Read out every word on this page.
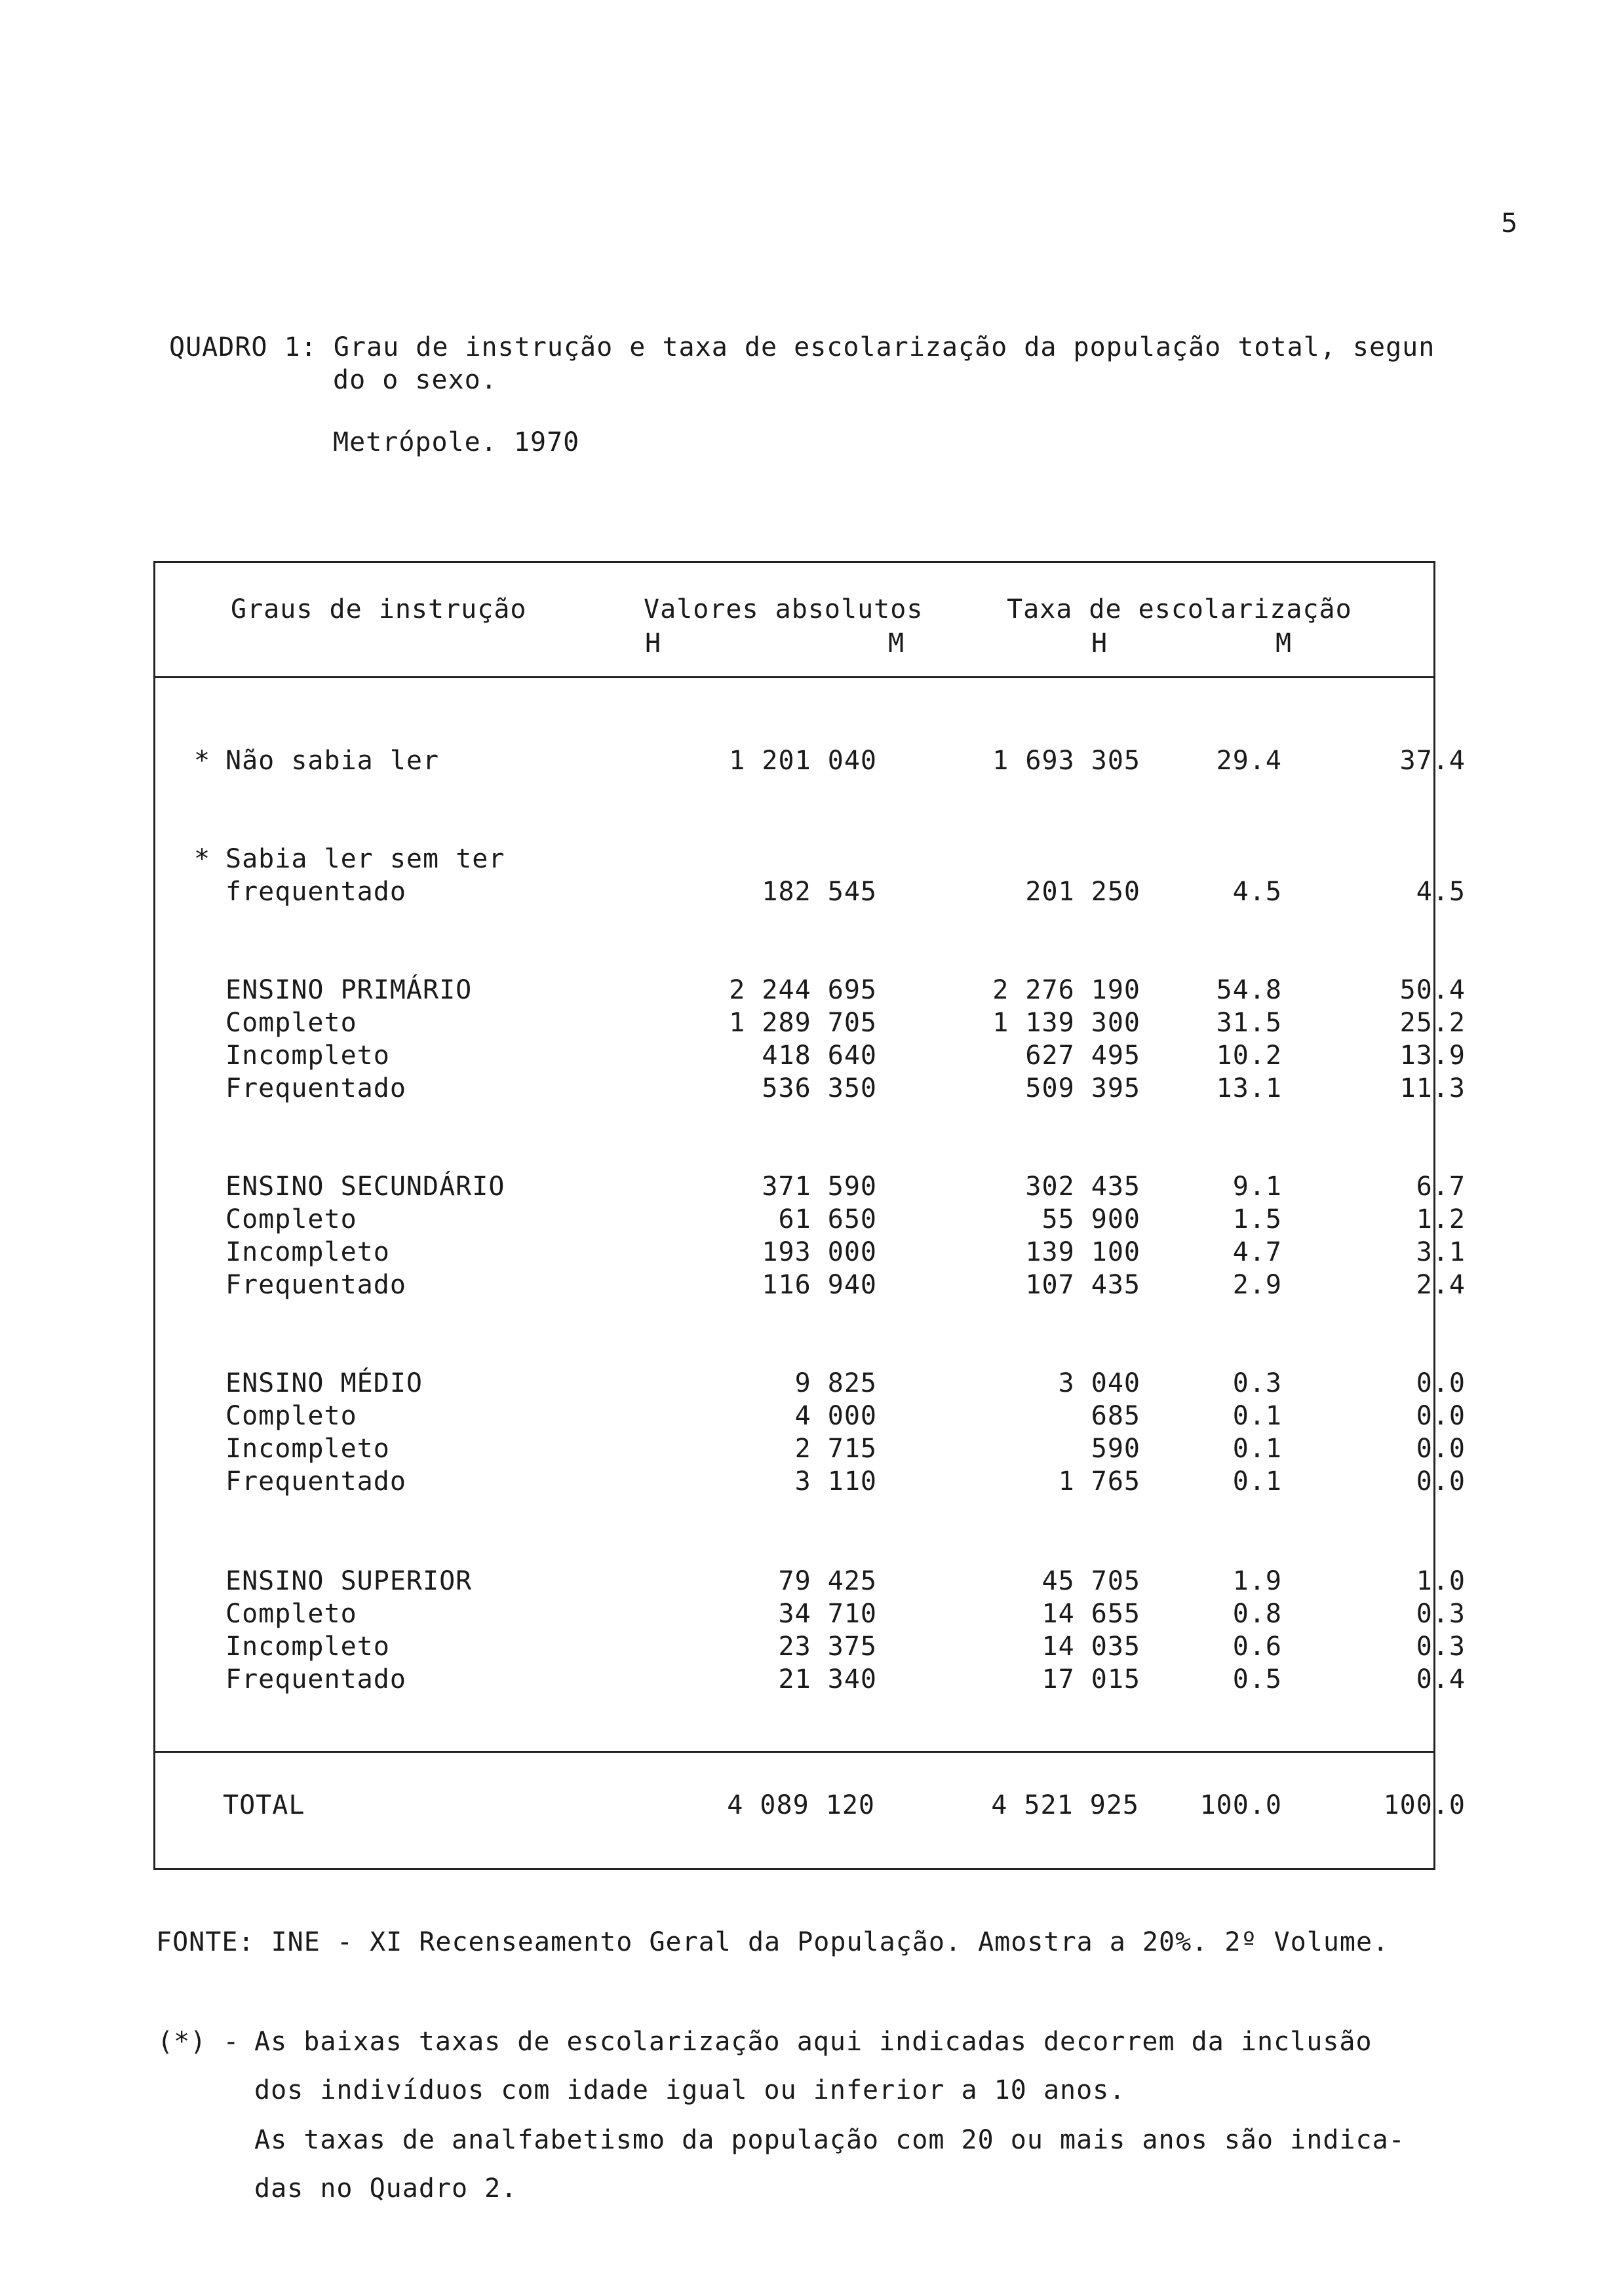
5
QUADRO 1: Grau de instrução e taxa de escolarização da população total, segun
do o sexo.
Metrópole. 1970
Graus de instrução	Valores absolutos	Taxa de escolarização
H	M	H	M
* Não sabia ler	1 201 040	1 693 305	29.4	37.4
* Sabia ler sem ter
frequentado	182 545	201 250	4.5	4.5
ENSINO PRIMÁRIO	2 244 695	2 276 190	54.8	50.4
Completo	1 289 705	1 139 300	31.5	25.2
Incompleto	418 640	627 495	10.2	13.9
Frequentado	536 350	509 395	13.1	11.3
ENSINO SECUNDÁRIO	371 590	302 435	9.1	6.7
Completo	61 650	55 900	1.5	1.2
Incompleto	193 000	139 100	4.7	3.1
Frequentado	116 940	107 435	2.9	2.4
ENSINO MÉDIO	9 825	3 040	0.3	0.0
Completo	4 000	685	0.1	0.0
Incompleto	2 715	590	0.1	0.0
Frequentado	3 110	1 765	0.1	0.0
ENSINO SUPERIOR	79 425	45 705	1.9	1.0
Completo	34 710	14 655	0.8	0.3
Incompleto	23 375	14 035	0.6	0.3
Frequentado	21 340	17 015	0.5	0.4
TOTAL	4 089 120	4 521 925	100.0	100.0
FONTE: INE - XI Recenseamento Geral da População. Amostra a 20%. 2º Volume.
(*) - As baixas taxas de escolarização aqui indicadas decorrem da inclusão
dos indivíduos com idade igual ou inferior a 10 anos.
As taxas de analfabetismo da população com 20 ou mais anos são indica-
das no Quadro 2.
